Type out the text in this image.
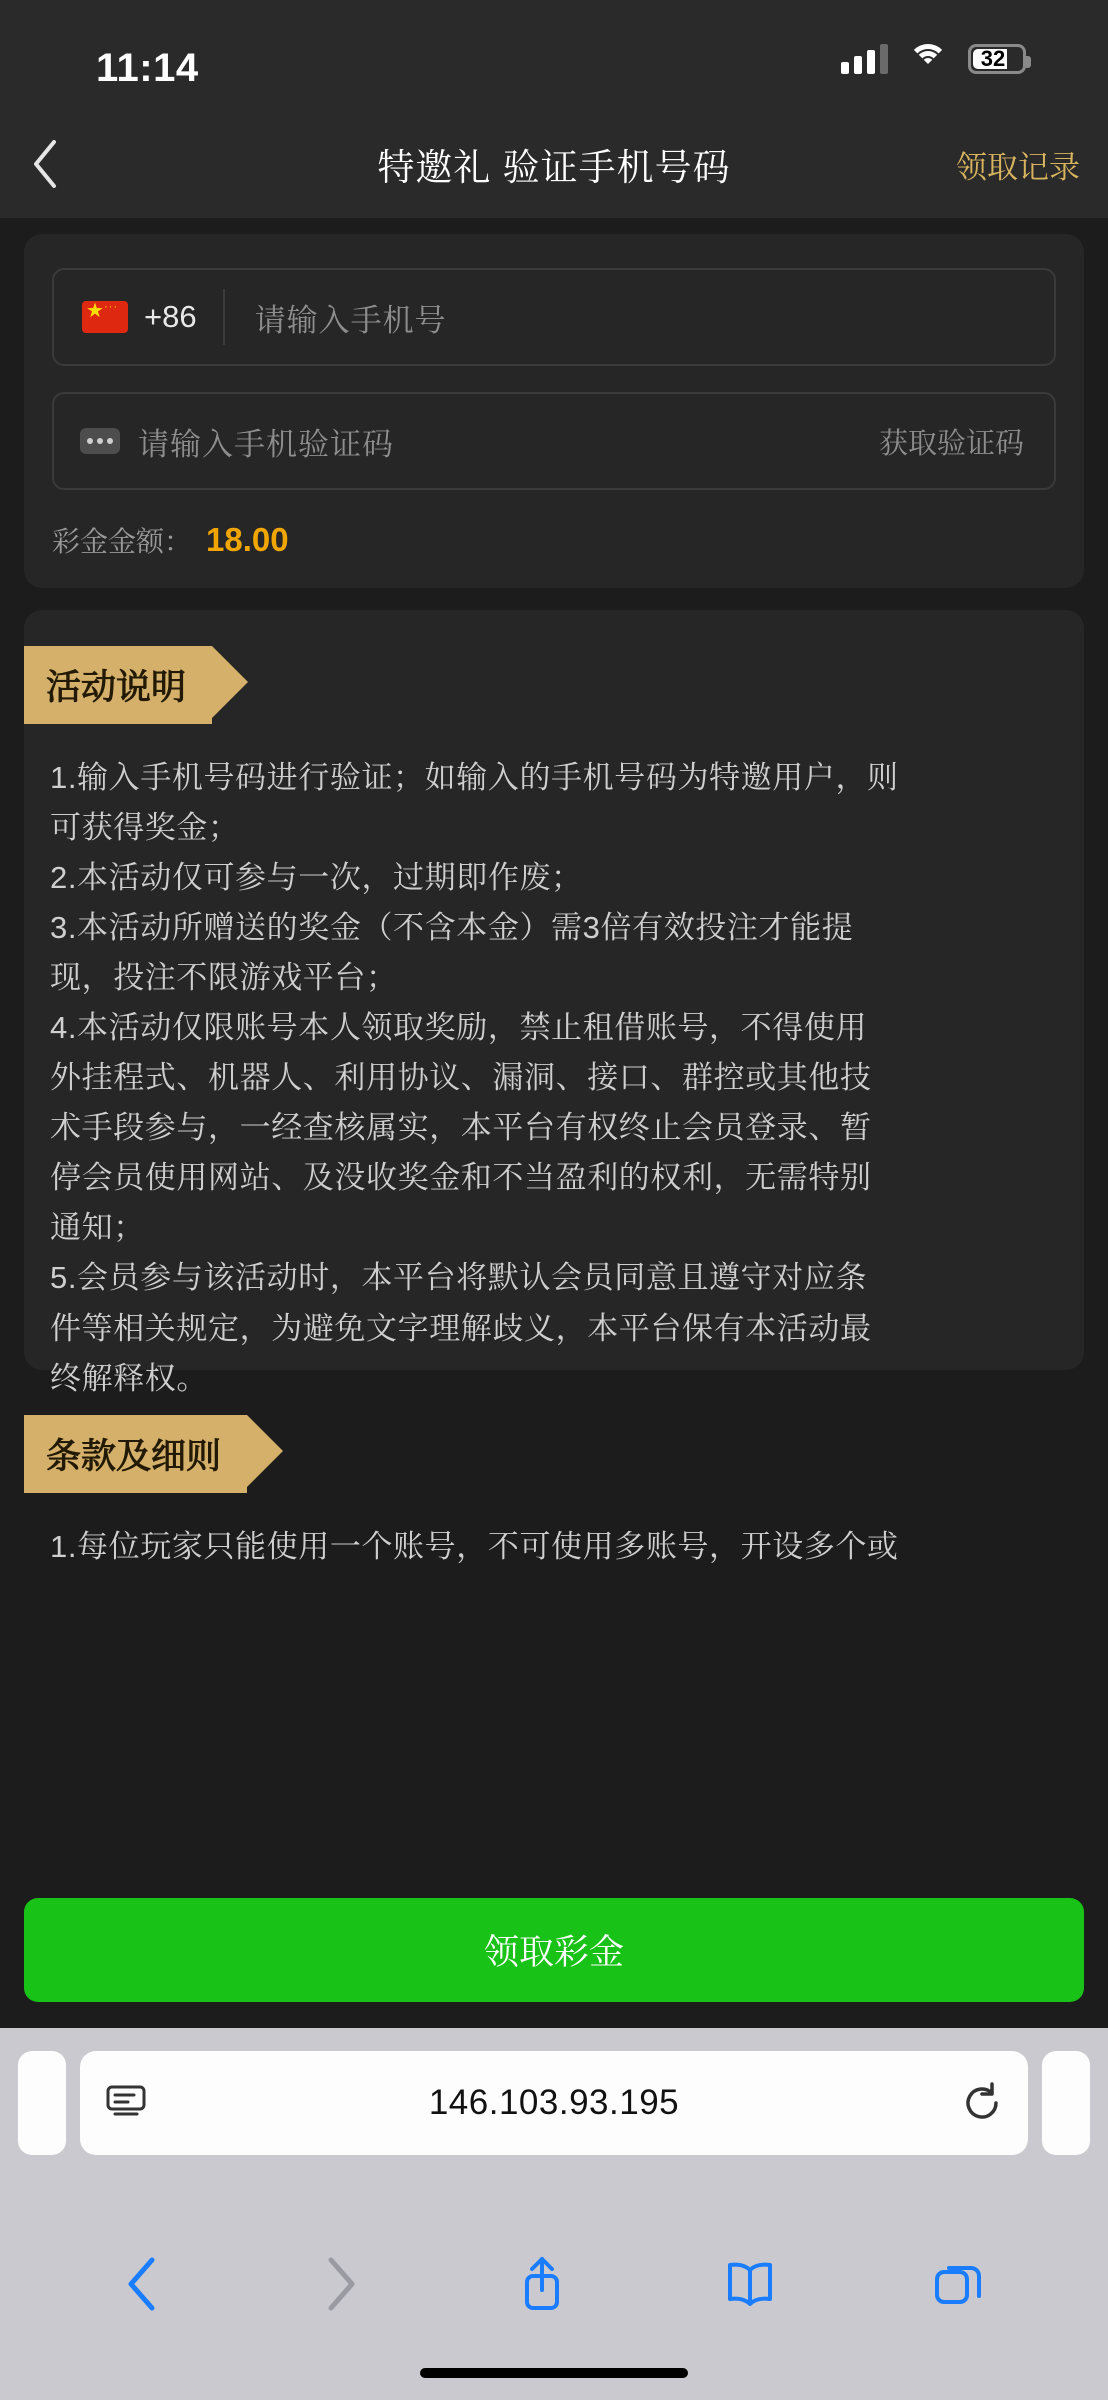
11:14	32
特邀礼 验证手机号码	领取记录
★ ···
+86	请输入手机号
请输入手机验证码	获取验证码
彩金金额： 18.00
活动说明

1.输入手机号码进行验证；如输入的手机号码为特邀用户，则

可获得奖金；

2.本活动仅可参与一次，过期即作废；

3.本活动所赠送的奖金（不含本金）需3倍有效投注才能提

现，投注不限游戏平台；

4.本活动仅限账号本人领取奖励，禁止租借账号，不得使用

外挂程式、机器人、利用协议、漏洞、接口、群控或其他技

术手段参与，一经查核属实，本平台有权终止会员登录、暂

停会员使用网站、及没收奖金和不当盈利的权利，无需特别

通知；

5.会员参与该活动时，本平台将默认会员同意且遵守对应条

件等相关规定，为避免文字理解歧义，本平台保有本活动最

终解释权。

条款及细则

1.每位玩家只能使用一个账号，不可使用多账号，开设多个或

领取彩金
146.103.93.195
